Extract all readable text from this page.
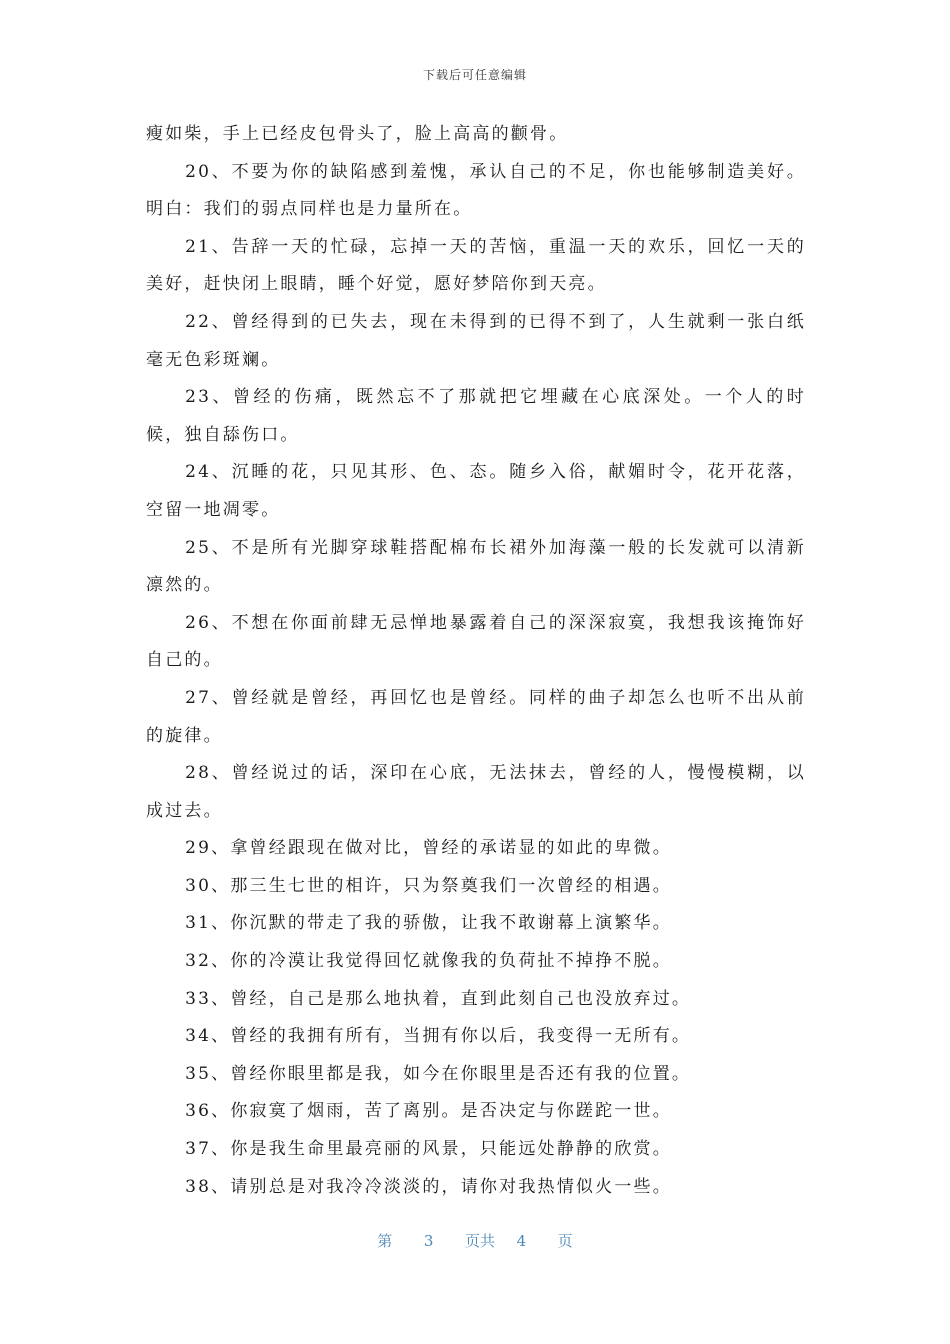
下载后可任意编辑

瘦如柴，手上已经皮包骨头了，脸上高高的颧骨。

20、不要为你的缺陷感到羞愧，承认自己的不足，你也能够制造美好。明白：我们的弱点同样也是力量所在。

21、告辞一天的忙碌，忘掉一天的苦恼，重温一天的欢乐，回忆一天的美好，赶快闭上眼睛，睡个好觉，愿好梦陪你到天亮。

22、曾经得到的已失去，现在未得到的已得不到了，人生就剩一张白纸毫无色彩斑斓。

23、曾经的伤痛，既然忘不了那就把它埋藏在心底深处。一个人的时候，独自舔伤口。

24、沉睡的花，只见其形、色、态。随乡入俗，献媚时令，花开花落，空留一地凋零。

25、不是所有光脚穿球鞋搭配棉布长裙外加海藻一般的长发就可以清新凛然的。

26、不想在你面前肆无忌惮地暴露着自己的深深寂寞，我想我该掩饰好自己的。

27、曾经就是曾经，再回忆也是曾经。同样的曲子却怎么也听不出从前的旋律。

28、曾经说过的话，深印在心底，无法抹去，曾经的人，慢慢模糊，以成过去。

29、拿曾经跟现在做对比，曾经的承诺显的如此的卑微。

30、那三生七世的相许，只为祭奠我们一次曾经的相遇。

31、你沉默的带走了我的骄傲，让我不敢谢幕上演繁华。

32、你的冷漠让我觉得回忆就像我的负荷扯不掉挣不脱。

33、曾经，自己是那么地执着，直到此刻自己也没放弃过。

34、曾经的我拥有所有，当拥有你以后，我变得一无所有。

35、曾经你眼里都是我，如今在你眼里是否还有我的位置。

36、你寂寞了烟雨，苦了离别。是否决定与你蹉跎一世。

37、你是我生命里最亮丽的风景，只能远处静静的欣赏。

38、请别总是对我冷冷淡淡的，请你对我热情似火一些。

第 3 页共 4 页
